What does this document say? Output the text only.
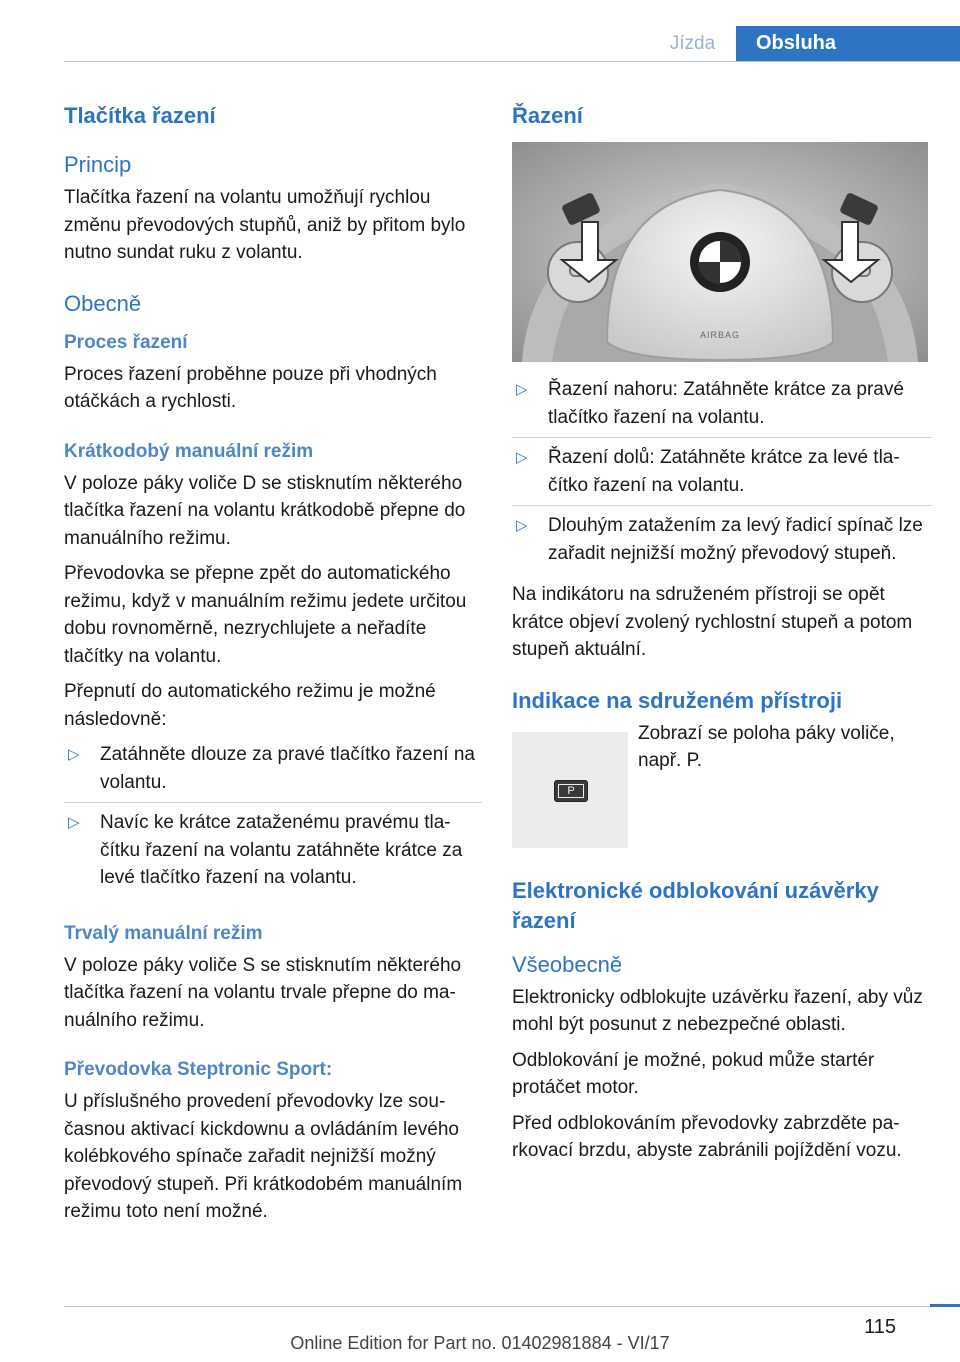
Jízda	Obsluha
Tlačítka řazení
Princip

Tlačítka řazení na volantu umožňují rychlou změnu převodových stupňů, aniž by přitom bylo nutno sundat ruku z volantu.

Obecně
Proces řazení

Proces řazení proběhne pouze při vhodných otáčkách a rychlosti.

Krátkodobý manuální režim

V poloze páky voliče D se stisknutím některého tlačítka řazení na volantu krátkodobě přepne do manuálního režimu.

Převodovka se přepne zpět do automatického režimu, když v manuálním režimu jedete určitou dobu rovnoměrně, nezrychlujete a neřadíte tlačítky na volantu.

Přepnutí do automatického režimu je možné následovně:

▷ Zatáhněte dlouze za pravé tlačítko řazení na volantu.
▷ Navíc ke krátce zataženému pravému tlačítku řazení na volantu zatáhněte krátce za levé tlačítko řazení na volantu.
Trvalý manuální režim

V poloze páky voliče S se stisknutím některého tlačítka řazení na volantu trvale přepne do manuálního režimu.

Převodovka Steptronic Sport:

U příslušného provedení převodovky lze současnou aktivací kickdownu a ovládáním levého kolébkového spínače zařadit nejnižší možný převodový stupeň. Při krátkodobém manuálním režimu toto není možné.

Řazení
AIRBAG
▷ Řazení nahoru: Zatáhněte krátce za pravé tlačítko řazení na volantu.
▷ Řazení dolů: Zatáhněte krátce za levé tlačítko řazení na volantu.
▷ Dlouhým zatažením za levý řadicí spínač lze zařadit nejnižší možný převodový stupeň.

Na indikátoru na sdruženém přístroji se opět krátce objeví zvolený rychlostní stupeň a potom stupeň aktuální.

Indikace na sdruženém přístroji
P

Zobrazí se poloha páky voliče, např. P.

Elektronické odblokování uzávěrky řazení
Všeobecně

Elektronicky odblokujte uzávěrku řazení, aby vůz mohl být posunut z nebezpečné oblasti.

Odblokování je možné, pokud může startér protáčet motor.

Před odblokováním převodovky zabrzděte parkovací brzdu, abyste zabránili pojíždění vozu.

115
Online Edition for Part no. 01402981884 - VI/17
